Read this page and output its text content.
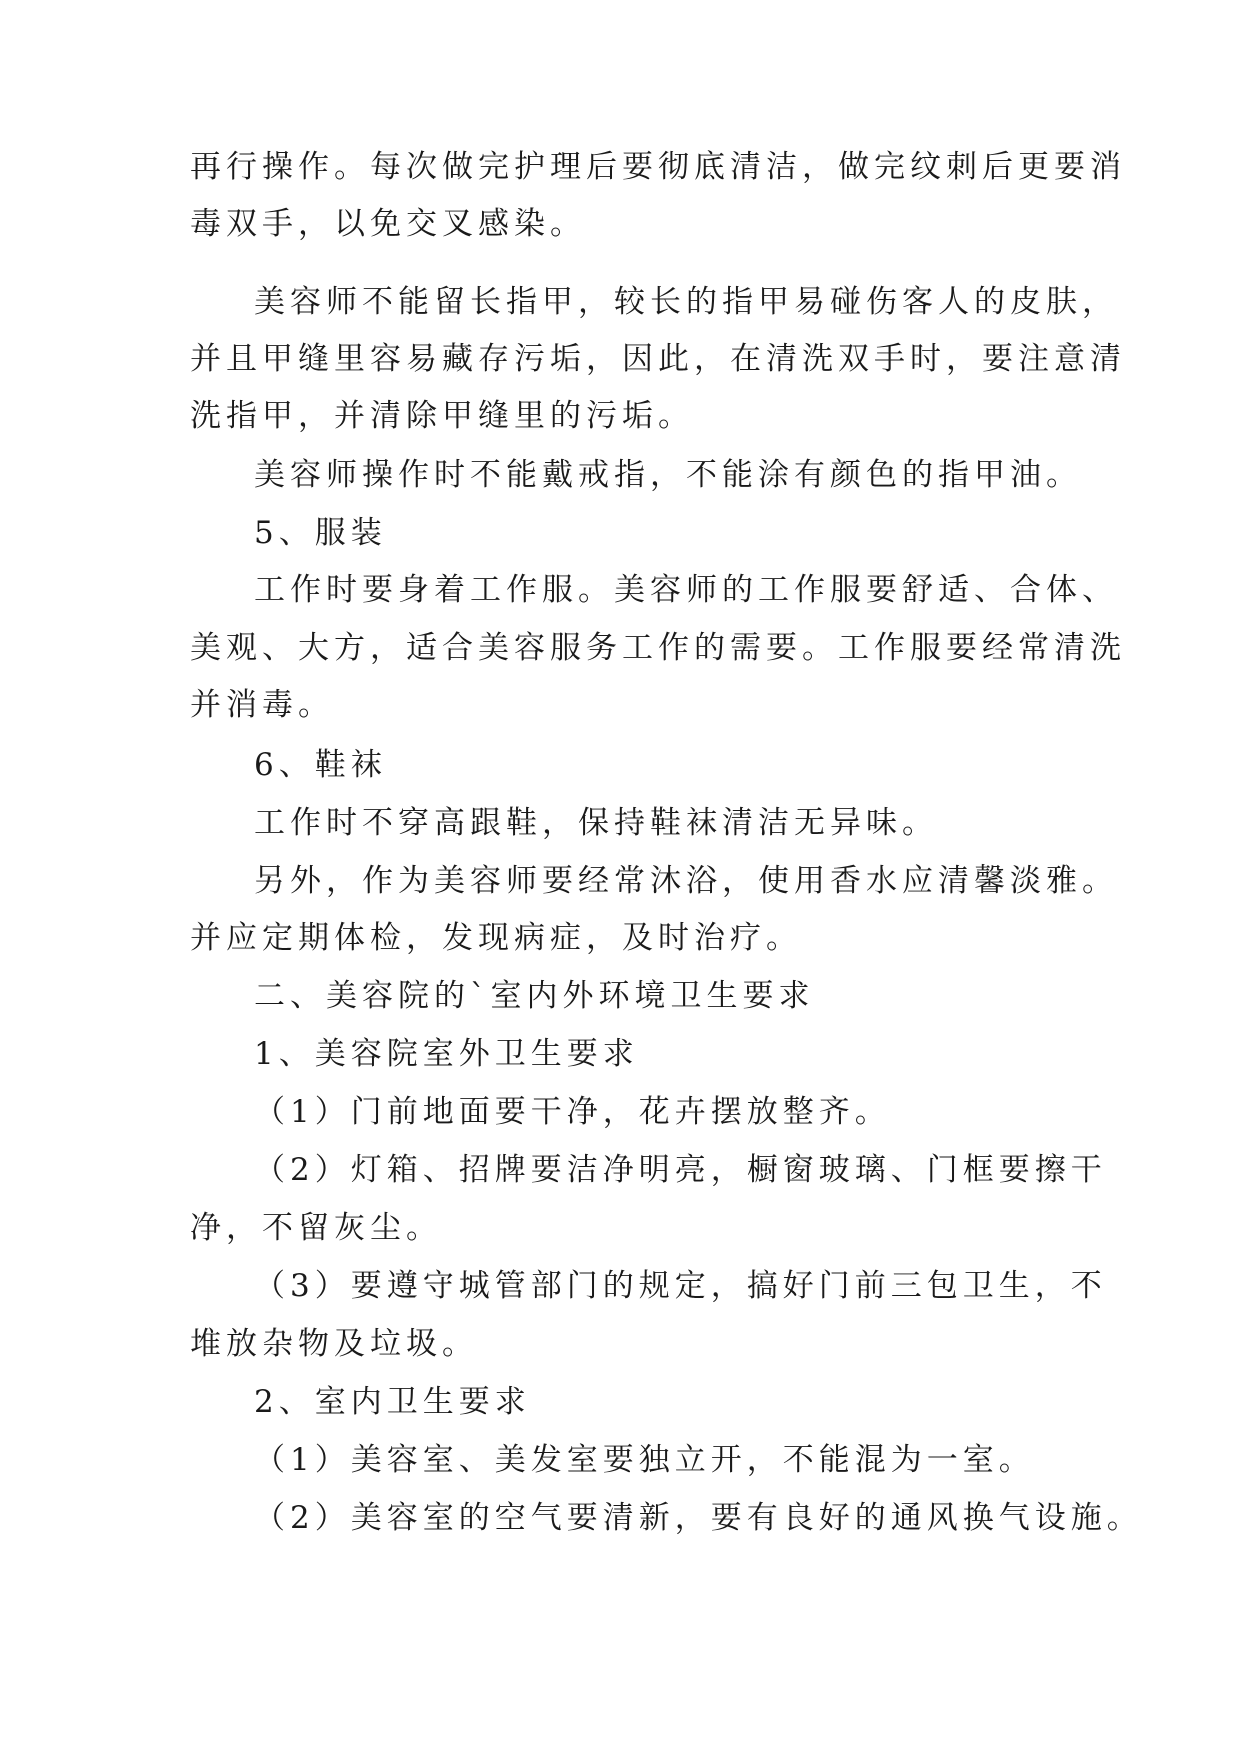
再行操作。每次做完护理后要彻底清洁，做完纹刺后更要消
毒双手，以免交叉感染。
美容师不能留长指甲，较长的指甲易碰伤客人的皮肤，
并且甲缝里容易藏存污垢，因此，在清洗双手时，要注意清
洗指甲，并清除甲缝里的污垢。
美容师操作时不能戴戒指，不能涂有颜色的指甲油。
5、服装
工作时要身着工作服。美容师的工作服要舒适、合体、
美观、大方，适合美容服务工作的需要。工作服要经常清洗
并消毒。
6、鞋袜
工作时不穿高跟鞋，保持鞋袜清洁无异味。
另外，作为美容师要经常沐浴，使用香水应清馨淡雅。
并应定期体检，发现病症，及时治疗。
二、美容院的`室内外环境卫生要求
1、美容院室外卫生要求
（1）门前地面要干净，花卉摆放整齐。
（2）灯箱、招牌要洁净明亮，橱窗玻璃、门框要擦干
净，不留灰尘。
（3）要遵守城管部门的规定，搞好门前三包卫生，不
堆放杂物及垃圾。
2、室内卫生要求
（1）美容室、美发室要独立开，不能混为一室。
（2）美容室的空气要清新，要有良好的通风换气设施。
